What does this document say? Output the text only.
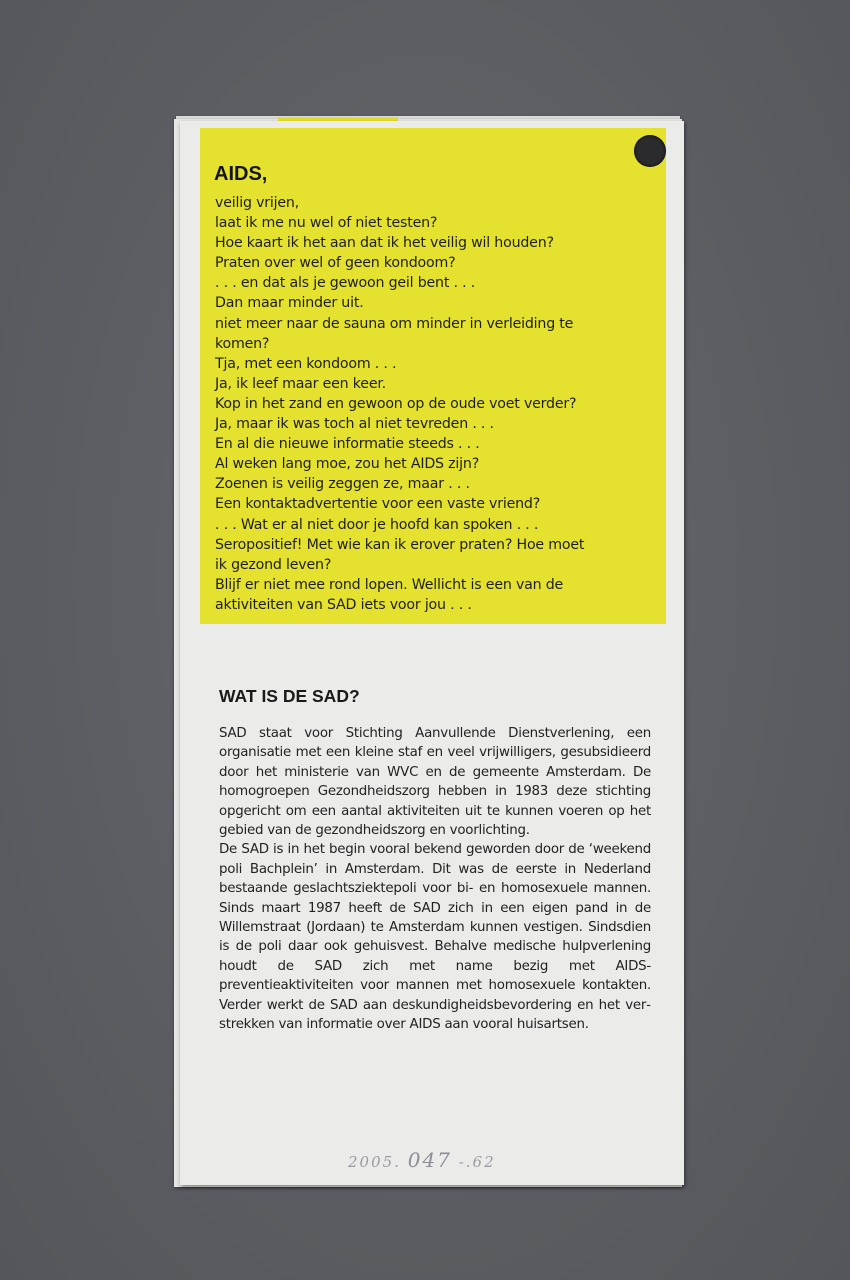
AIDS,
veilig vrijen,
laat ik me nu wel of niet testen?
Hoe kaart ik het aan dat ik het veilig wil houden?
Praten over wel of geen kondoom?
. . . en dat als je gewoon geil bent . . .
Dan maar minder uit.
niet meer naar de sauna om minder in verleiding te
komen?
Tja, met een kondoom . . .
Ja, ik leef maar een keer.
Kop in het zand en gewoon op de oude voet verder?
Ja, maar ik was toch al niet tevreden . . .
En al die nieuwe informatie steeds . . .
Al weken lang moe, zou het AIDS zijn?
Zoenen is veilig zeggen ze, maar . . .
Een kontaktadvertentie voor een vaste vriend?
. . . Wat er al niet door je hoofd kan spoken . . .
Seropositief! Met wie kan ik erover praten? Hoe moet
ik gezond leven?
Blijf er niet mee rond lopen. Wellicht is een van de
aktiviteiten van SAD iets voor jou . . .
WAT IS DE SAD?

SAD staat voor Stichting Aanvullende Dienstverlening, een organisatie met een kleine staf en veel vrijwilligers, gesubsidieerd door het ministerie van WVC en de gemeente Amsterdam. De homogroepen Gezondheidszorg hebben in 1983 deze stichting opgericht om een aantal aktiviteiten uit te kunnen voeren op het gebied van de gezondheidszorg en voorlichting.

De SAD is in het begin vooral bekend geworden door de ‘weekend poli Bachplein’ in Amsterdam. Dit was de eerste in Nederland bestaande geslachtsziektepoli voor bi- en homosexuele mannen. Sinds maart 1987 heeft de SAD zich in een eigen pand in de Willemstraat (Jordaan) te Amsterdam kunnen vestigen. Sindsdien is de poli daar ook gehuisvest. Behalve medische hulpverlening houdt de SAD zich met name bezig met AIDS-preventieaktiviteiten voor mannen met homosexuele kontakten. Verder werkt de SAD aan deskundigheidsbevordering en het verstrekken van informatie over AIDS aan vooral huisartsen.

2005. 047 -.62
